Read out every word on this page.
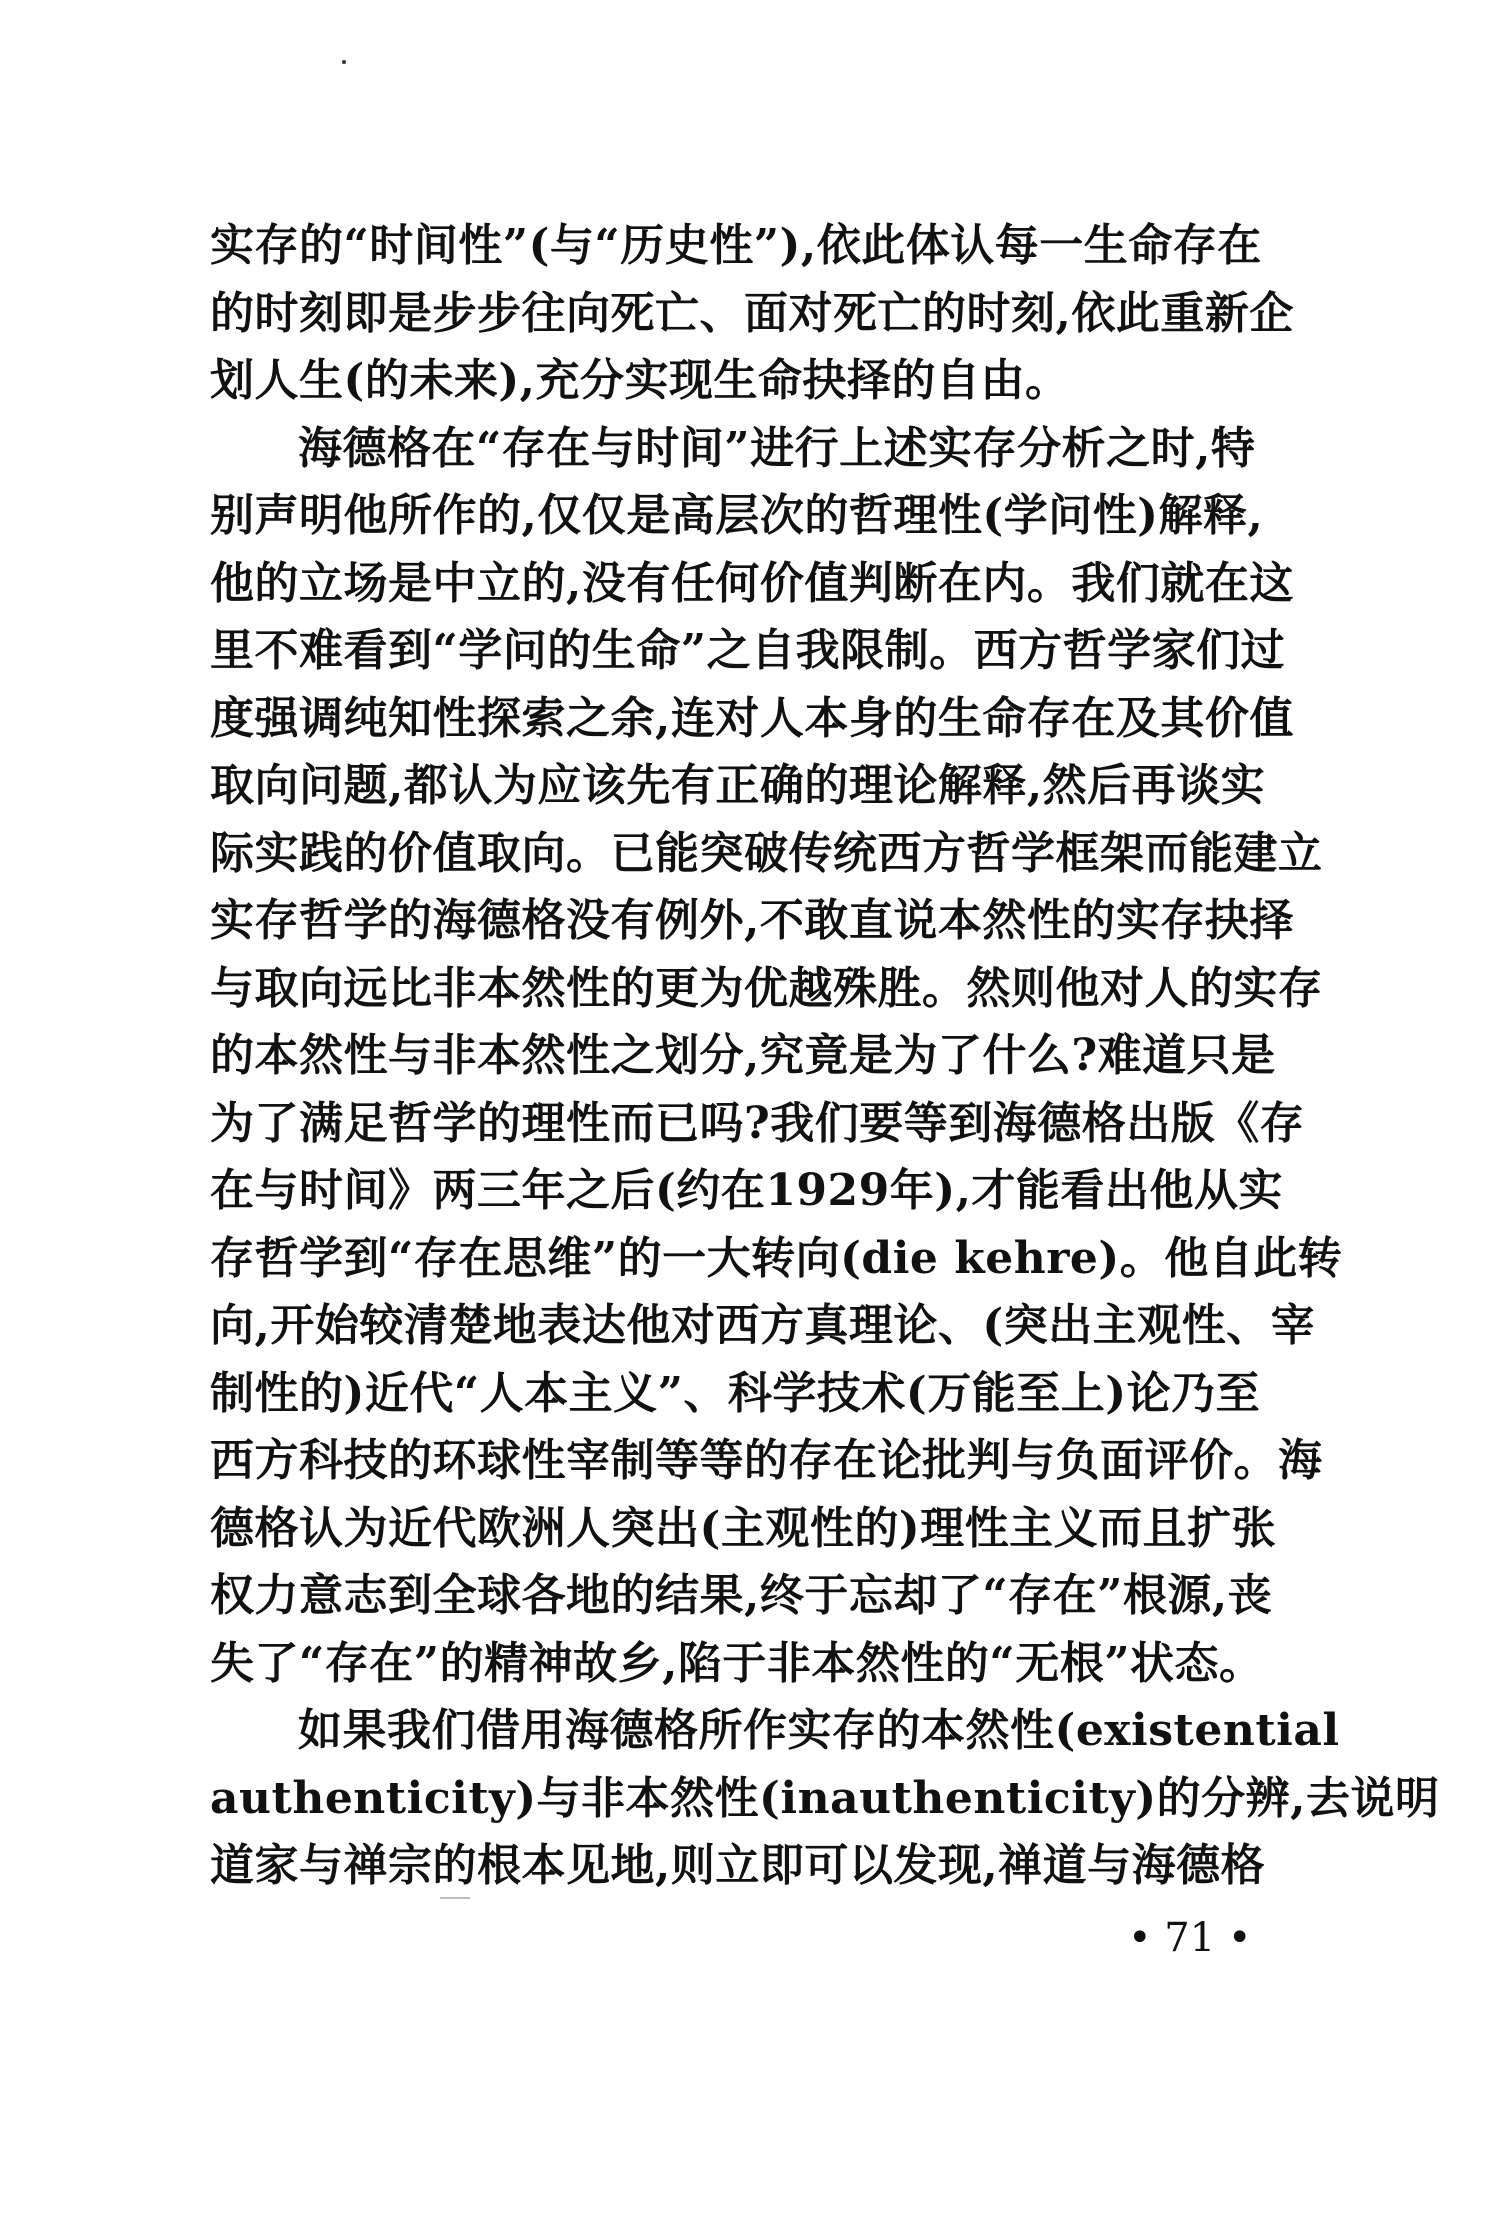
实存的“时间性”(与“历史性”),依此体认每一生命存在
的时刻即是步步往向死亡、面对死亡的时刻,依此重新企
划人生(的未来),充分实现生命抉择的自由。
海德格在“存在与时间”进行上述实存分析之时,特
别声明他所作的,仅仅是高层次的哲理性(学问性)解释,
他的立场是中立的,没有任何价值判断在内。我们就在这
里不难看到“学问的生命”之自我限制。西方哲学家们过
度强调纯知性探索之余,连对人本身的生命存在及其价值
取向问题,都认为应该先有正确的理论解释,然后再谈实
际实践的价值取向。已能突破传统西方哲学框架而能建立
实存哲学的海德格没有例外,不敢直说本然性的实存抉择
与取向远比非本然性的更为优越殊胜。然则他对人的实存
的本然性与非本然性之划分,究竟是为了什么?难道只是
为了满足哲学的理性而已吗?我们要等到海德格出版《存
在与时间》两三年之后(约在1929年),才能看出他从实
存哲学到“存在思维”的一大转向(die kehre)。他自此转
向,开始较清楚地表达他对西方真理论、(突出主观性、宰
制性的)近代“人本主义”、科学技术(万能至上)论乃至
西方科技的环球性宰制等等的存在论批判与负面评价。海
德格认为近代欧洲人突出(主观性的)理性主义而且扩张
权力意志到全球各地的结果,终于忘却了“存在”根源,丧
失了“存在”的精神故乡,陷于非本然性的“无根”状态。
如果我们借用海德格所作实存的本然性(existential
authenticity)与非本然性(inauthenticity)的分辨,去说明
道家与禅宗的根本见地,则立即可以发现,禅道与海德格
• 71 •
